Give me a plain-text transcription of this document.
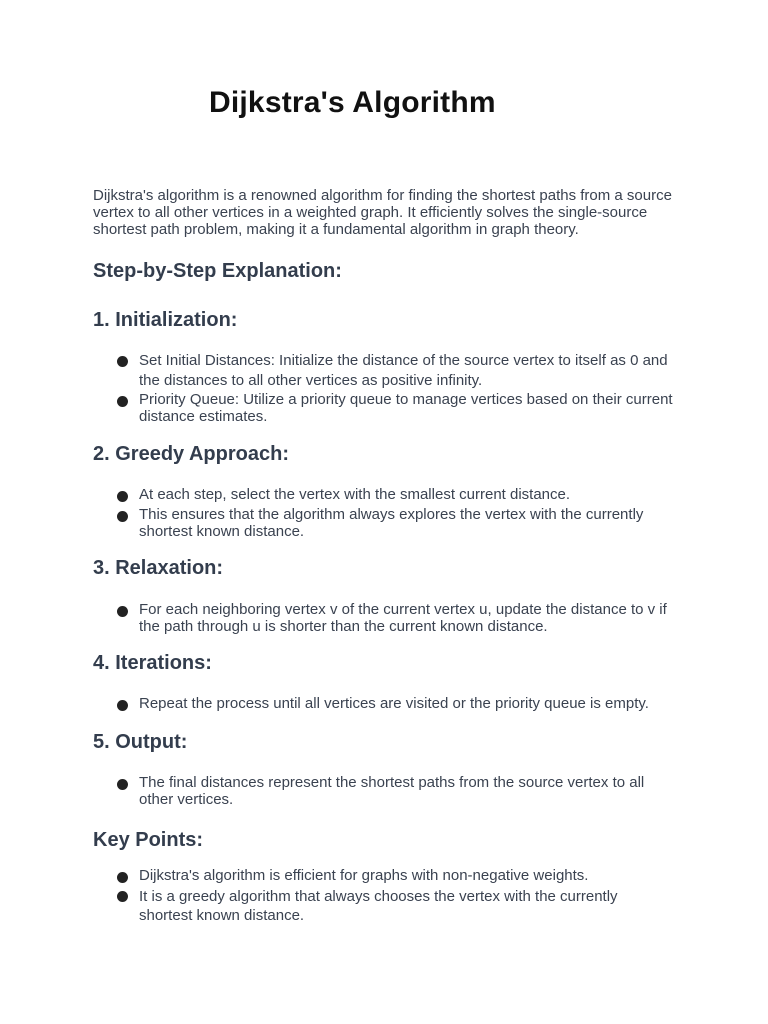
Dijkstra's Algorithm

Dijkstra's algorithm is a renowned algorithm for finding the shortest paths from a source vertex to all other vertices in a weighted graph. It efficiently solves the single-source shortest path problem, making it a fundamental algorithm in graph theory.

Step-by-Step Explanation:
1. Initialization:
Set Initial Distances: Initialize the distance of the source vertex to itself as 0 and the distances to all other vertices as positive infinity.
Priority Queue: Utilize a priority queue to manage vertices based on their current distance estimates.
2. Greedy Approach:
At each step, select the vertex with the smallest current distance.
This ensures that the algorithm always explores the vertex with the currently shortest known distance.
3. Relaxation:
For each neighboring vertex v of the current vertex u, update the distance to v if the path through u is shorter than the current known distance.
4. Iterations:
Repeat the process until all vertices are visited or the priority queue is empty.
5. Output:
The final distances represent the shortest paths from the source vertex to all other vertices.
Key Points:
Dijkstra's algorithm is efficient for graphs with non-negative weights.
It is a greedy algorithm that always chooses the vertex with the currently shortest known distance.
